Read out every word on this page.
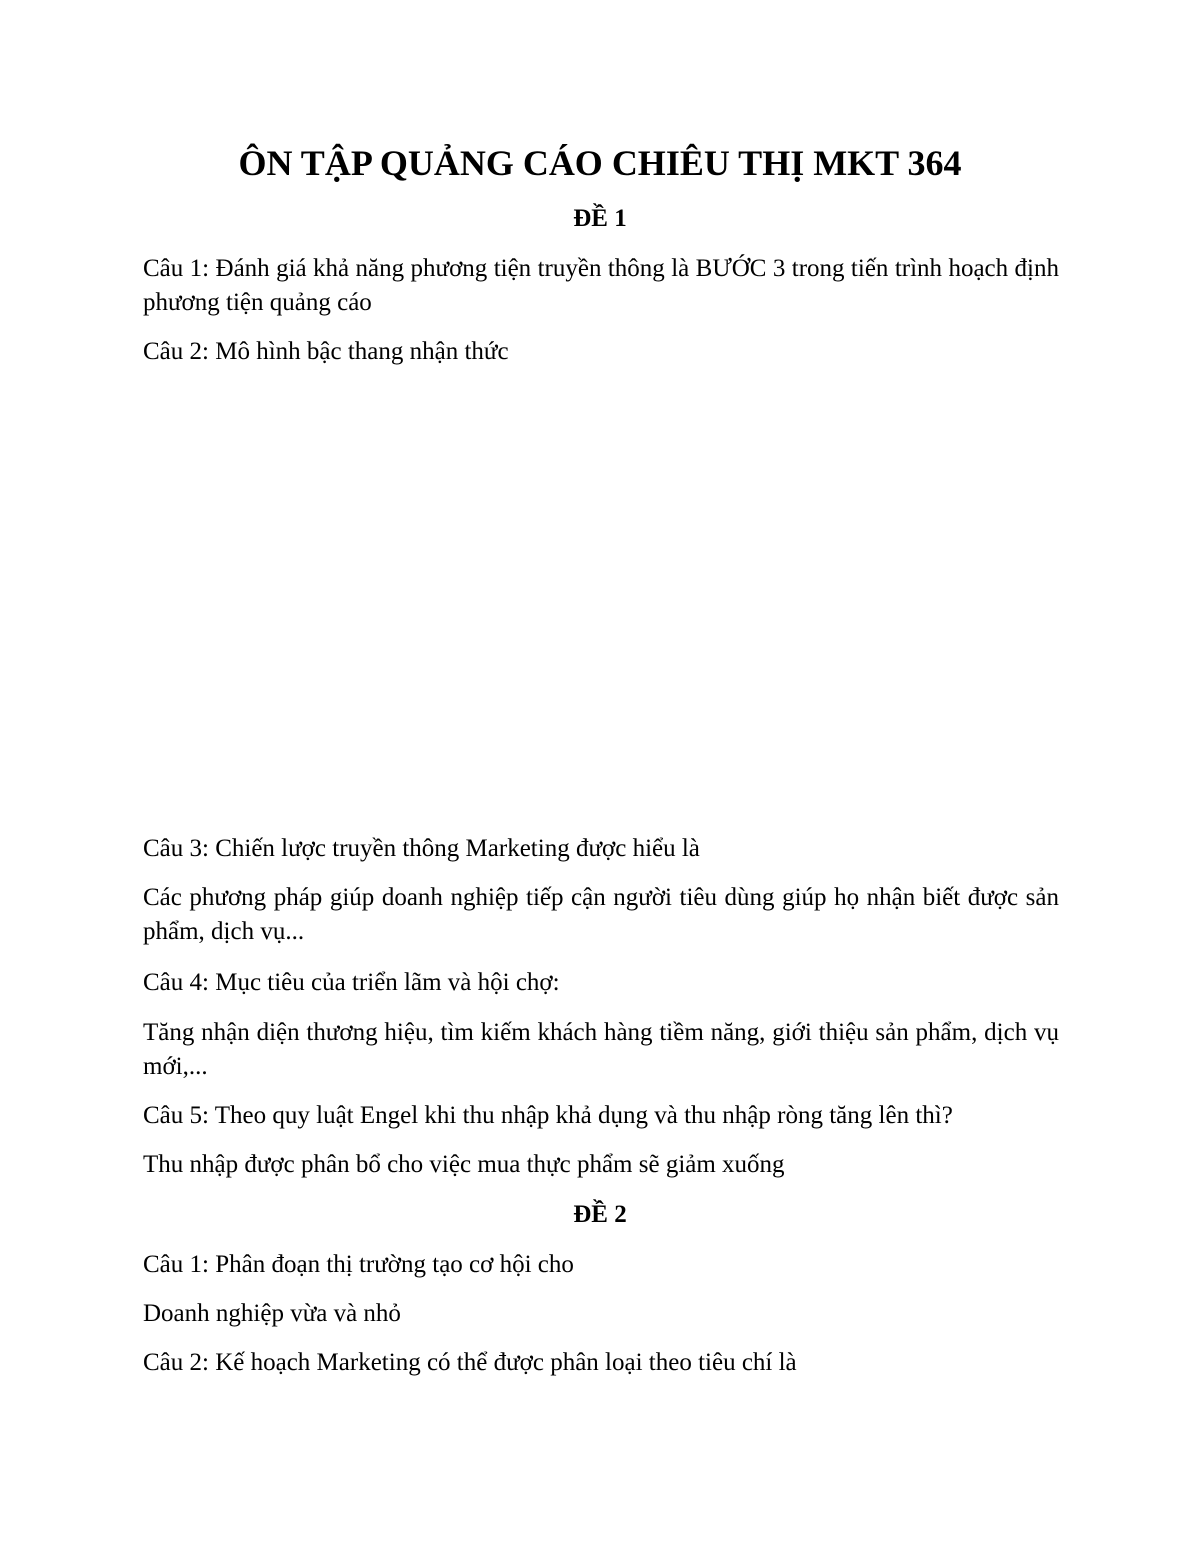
ÔN TẬP QUẢNG CÁO CHIÊU THỊ MKT 364
ĐỀ 1

Câu 1: Đánh giá khả năng phương tiện truyền thông là BƯỚC 3 trong tiến trình hoạch định phương tiện quảng cáo

Câu 2: Mô hình bậc thang nhận thức

Câu 3: Chiến lược truyền thông Marketing được hiểu là

Các phương pháp giúp doanh nghiệp tiếp cận người tiêu dùng giúp họ nhận biết được sản phẩm, dịch vụ...

Câu 4: Mục tiêu của triển lãm và hội chợ:

Tăng nhận diện thương hiệu, tìm kiếm khách hàng tiềm năng, giới thiệu sản phẩm, dịch vụ mới,...

Câu 5: Theo quy luật Engel khi thu nhập khả dụng và thu nhập ròng tăng lên thì?

Thu nhập được phân bổ cho việc mua thực phẩm sẽ giảm xuống

ĐỀ 2

Câu 1: Phân đoạn thị trường tạo cơ hội cho

Doanh nghiệp vừa và nhỏ

Câu 2: Kế hoạch Marketing có thể được phân loại theo tiêu chí là
